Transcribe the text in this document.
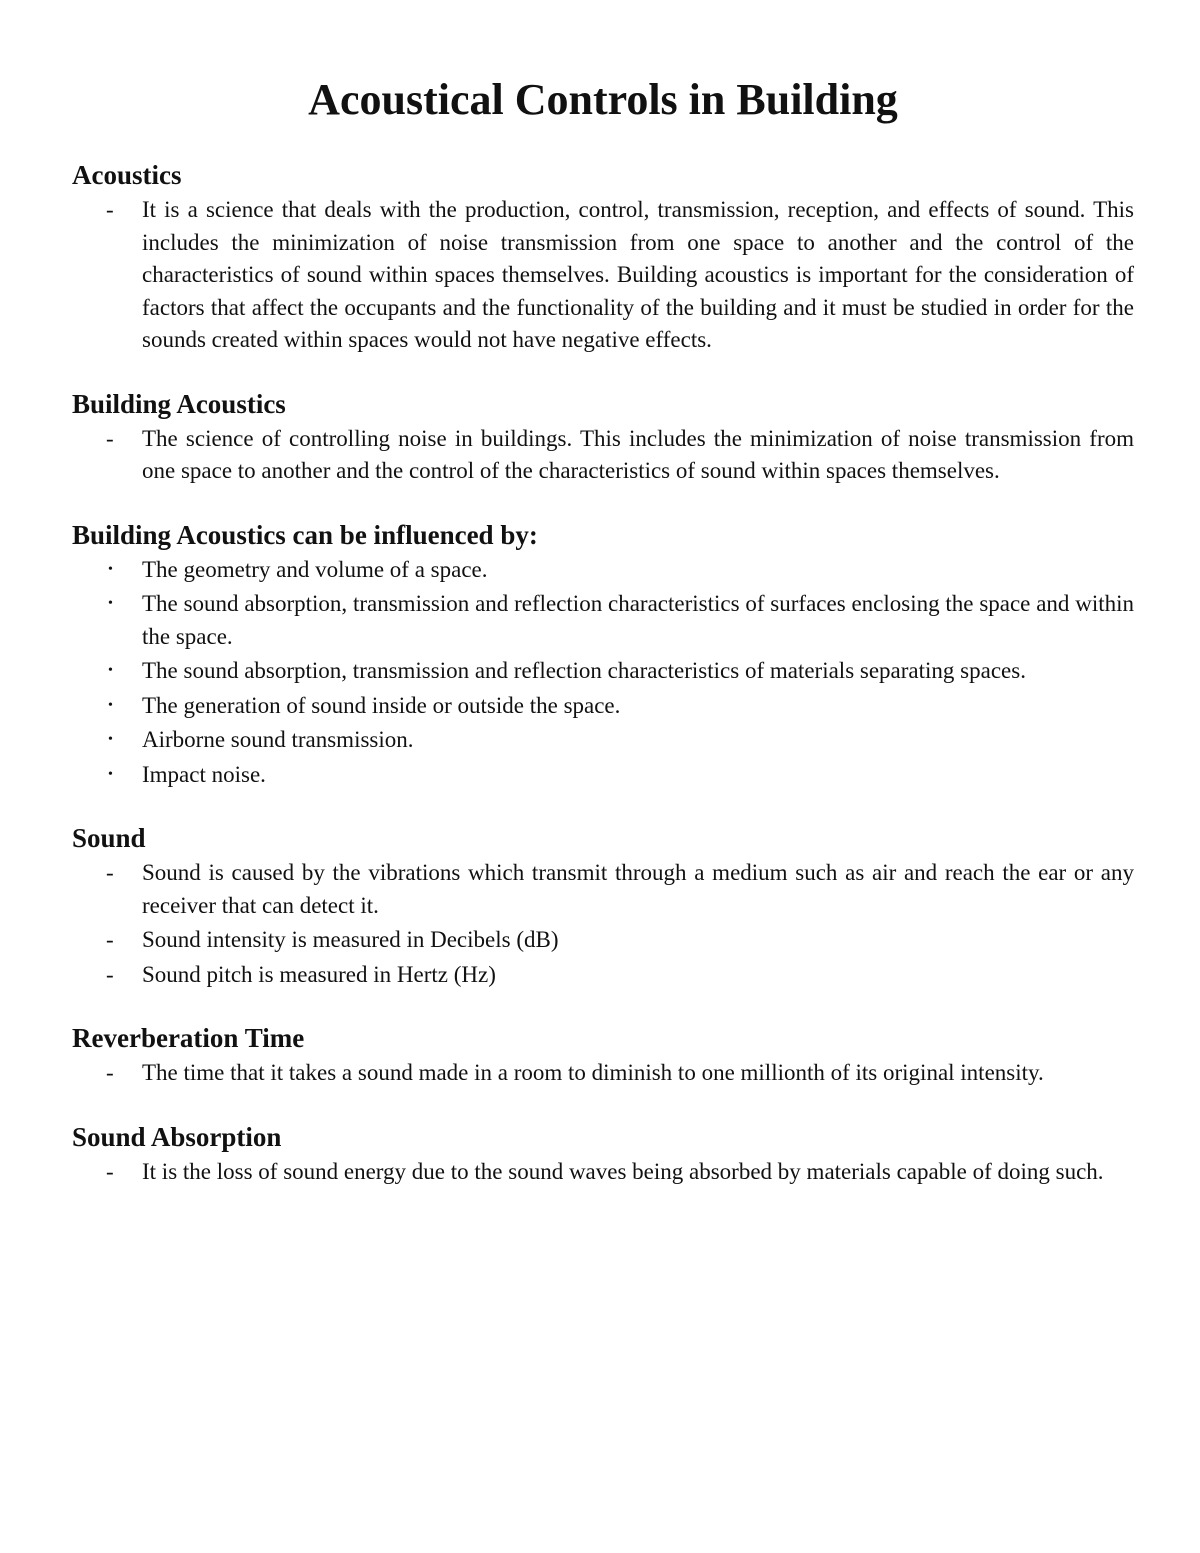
Acoustical Controls in Building
Acoustics
-	It is a science that deals with the production, control, transmission, reception, and effects of sound. This includes the minimization of noise transmission from one space to another and the control of the characteristics of sound within spaces themselves. Building acoustics is important for the consideration of factors that affect the occupants and the functionality of the building and it must be studied in order for the sounds created within spaces would not have negative effects.
Building Acoustics
-	The science of controlling noise in buildings. This includes the minimization of noise transmission from one space to another and the control of the characteristics of sound within spaces themselves.
Building Acoustics can be influenced by:
•	The geometry and volume of a space.
•	The sound absorption, transmission and reflection characteristics of surfaces enclosing the space and within the space.
•	The sound absorption, transmission and reflection characteristics of materials separating spaces.
•	The generation of sound inside or outside the space.
•	Airborne sound transmission.
•	Impact noise.
Sound
-	Sound is caused by the vibrations which transmit through a medium such as air and reach the ear or any receiver that can detect it.
-	Sound intensity is measured in Decibels (dB)
-	Sound pitch is measured in Hertz (Hz)
Reverberation Time
-	The time that it takes a sound made in a room to diminish to one millionth of its original intensity.
Sound Absorption
-	It is the loss of sound energy due to the sound waves being absorbed by materials capable of doing such.
